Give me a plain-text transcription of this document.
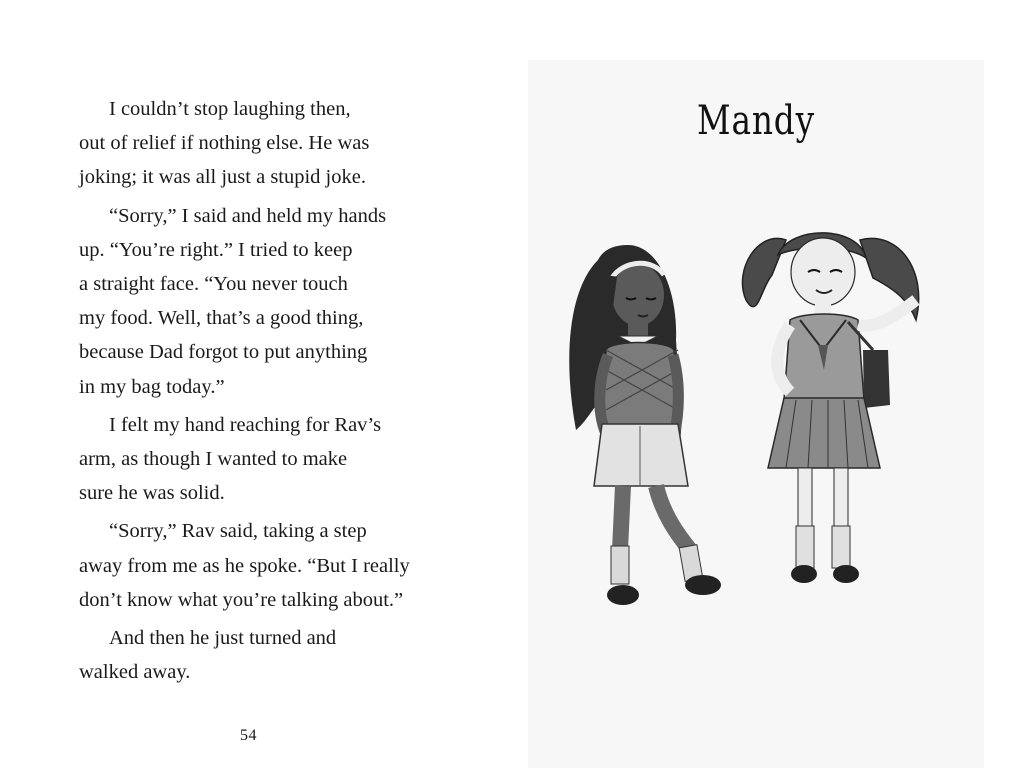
I couldn’t stop laughing then,
out of relief if nothing else. He was
joking; it was all just a stupid joke.

“Sorry,” I said and held my hands
up. “You’re right.” I tried to keep
a straight face. “You never touch
my food. Well, that’s a good thing,
because Dad forgot to put anything
in my bag today.”

I felt my hand reaching for Rav’s
arm, as though I wanted to make
sure he was solid.

“Sorry,” Rav said, taking a step
away from me as he spoke. “But I really
don’t know what you’re talking about.”

And then he just turned and
walked away.

54
Mandy
